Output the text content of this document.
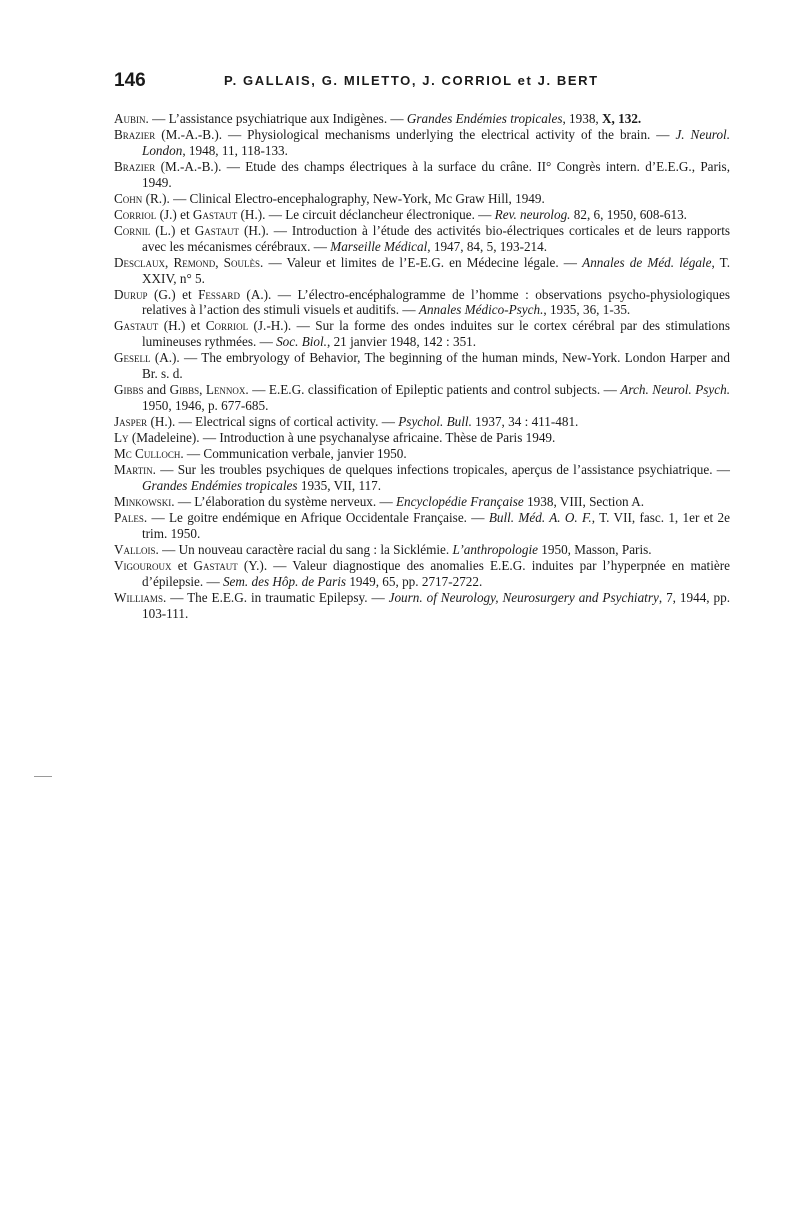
146	P. GALLAIS, G. MILETTO, J. CORRIOL et J. BERT

Aubin. — L’assistance psychiatrique aux Indigènes. — Grandes Endémies tropicales, 1938, X, 132.

Brazier (M.-A.-B.). — Physiological mechanisms underlying the electrical activity of the brain. — J. Neurol. London, 1948, 11, 118-133.

Brazier (M.-A.-B.). — Etude des champs électriques à la surface du crâne. II° Congrès intern. d’E.E.G., Paris, 1949.

Cohn (R.). — Clinical Electro-encephalography, New-York, Mc Graw Hill, 1949.

Corriol (J.) et Gastaut (H.). — Le circuit déclancheur électronique. — Rev. neurolog. 82, 6, 1950, 608-613.

Cornil (L.) et Gastaut (H.). — Introduction à l’étude des activités bio-électriques corticales et de leurs rapports avec les mécanismes cérébraux. — Marseille Médical, 1947, 84, 5, 193-214.

Desclaux, Remond, Soulès. — Valeur et limites de l’E-E.G. en Médecine légale. — Annales de Méd. légale, T. XXIV, n° 5.

Durup (G.) et Fessard (A.). — L’électro-encéphalogramme de l’homme : observations psycho-physiologiques relatives à l’action des stimuli visuels et auditifs. — Annales Médico-Psych., 1935, 36, 1-35.

Gastaut (H.) et Corriol (J.-H.). — Sur la forme des ondes induites sur le cortex cérébral par des stimulations lumineuses rythmées. — Soc. Biol., 21 janvier 1948, 142 : 351.

Gesell (A.). — The embryology of Behavior, The beginning of the human minds, New-York. London Harper and Br. s. d.

Gibbs and Gibbs, Lennox. — E.E.G. classification of Epileptic patients and control subjects. — Arch. Neurol. Psych. 1950, 1946, p. 677-685.

Jasper (H.). — Electrical signs of cortical activity. — Psychol. Bull. 1937, 34 : 411-481.

Ly (Madeleine). — Introduction à une psychanalyse africaine. Thèse de Paris 1949.

Mc Culloch. — Communication verbale, janvier 1950.

Martin. — Sur les troubles psychiques de quelques infections tropicales, aperçus de l’assistance psychiatrique. — Grandes Endémies tropicales 1935, VII, 117.

Minkowski. — L’élaboration du système nerveux. — Encyclopédie Française 1938, VIII, Section A.

Pales. — Le goitre endémique en Afrique Occidentale Française. — Bull. Méd. A. O. F., T. VII, fasc. 1, 1er et 2e trim. 1950.

Vallois. — Un nouveau caractère racial du sang : la Sicklémie. L’anthropologie 1950, Masson, Paris.

Vigouroux et Gastaut (Y.). — Valeur diagnostique des anomalies E.E.G. induites par l’hyperpnée en matière d’épilepsie. — Sem. des Hôp. de Paris 1949, 65, pp. 2717-2722.

Williams. — The E.E.G. in traumatic Epilepsy. — Journ. of Neurology, Neurosurgery and Psychiatry, 7, 1944, pp. 103-111.
